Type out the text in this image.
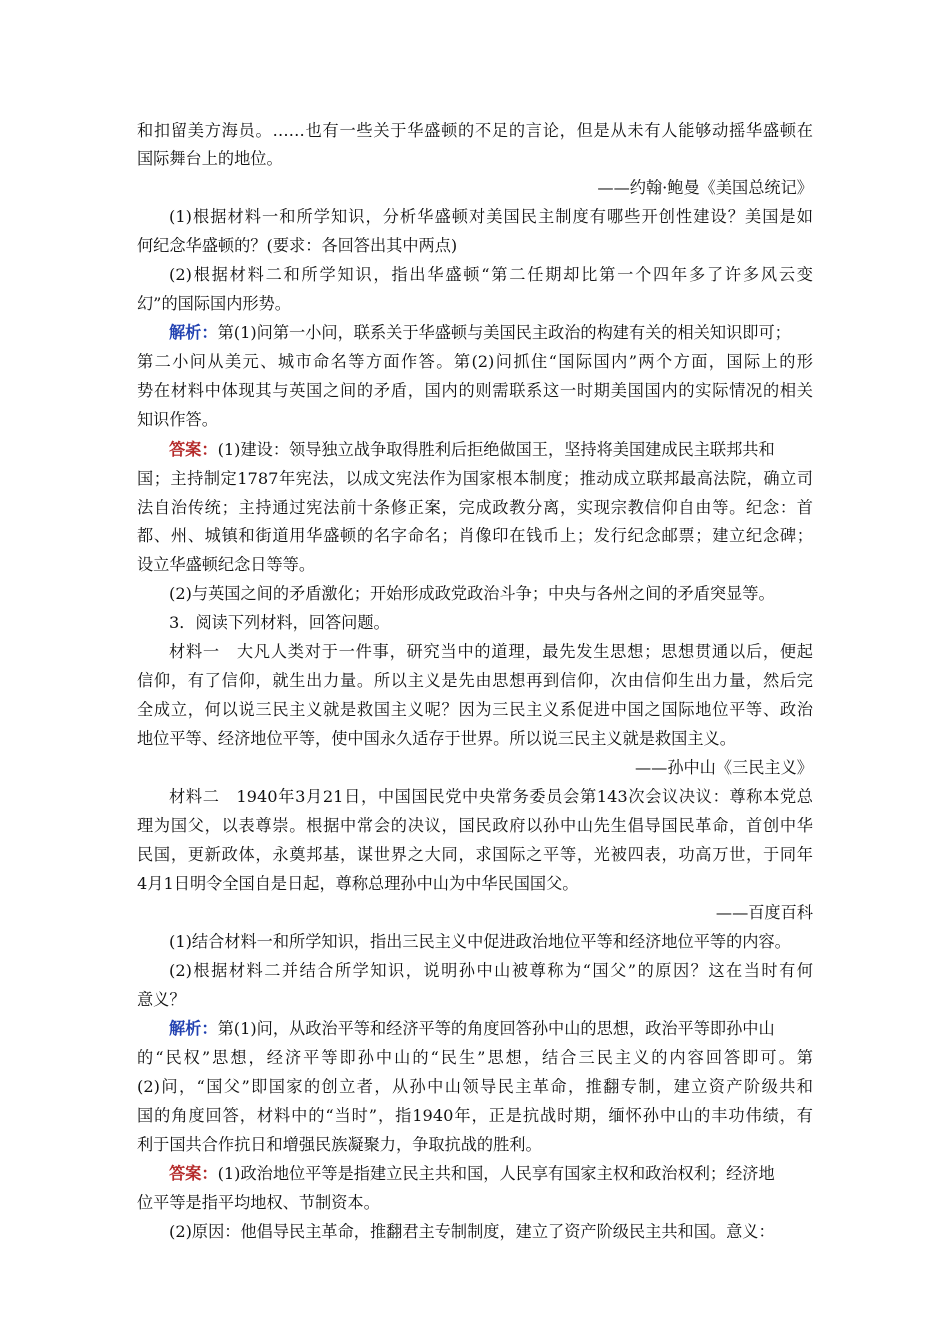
和扣留美方海员。……也有一些关于华盛顿的不足的言论，但是从未有人能够动摇华盛顿在
国际舞台上的地位。
——约翰·鲍曼《美国总统记》
(1)根据材料一和所学知识，分析华盛顿对美国民主制度有哪些开创性建设？美国是如
何纪念华盛顿的？(要求：各回答出其中两点)
(2)根据材料二和所学知识，指出华盛顿“第二任期却比第一个四年多了许多风云变
幻”的国际国内形势。
解析：第(1)问第一小问，联系关于华盛顿与美国民主政治的构建有关的相关知识即可；
第二小问从美元、城市命名等方面作答。第(2)问抓住“国际国内”两个方面，国际上的形
势在材料中体现其与英国之间的矛盾，国内的则需联系这一时期美国国内的实际情况的相关
知识作答。
答案：(1)建设：领导独立战争取得胜利后拒绝做国王，坚持将美国建成民主联邦共和
国；主持制定1787年宪法，以成文宪法作为国家根本制度；推动成立联邦最高法院，确立司
法自治传统；主持通过宪法前十条修正案，完成政教分离，实现宗教信仰自由等。纪念：首
都、州、城镇和街道用华盛顿的名字命名；肖像印在钱币上；发行纪念邮票；建立纪念碑；
设立华盛顿纪念日等等。
(2)与英国之间的矛盾激化；开始形成政党政治斗争；中央与各州之间的矛盾突显等。
3．阅读下列材料，回答问题。
材料一　大凡人类对于一件事，研究当中的道理，最先发生思想；思想贯通以后，便起
信仰，有了信仰，就生出力量。所以主义是先由思想再到信仰，次由信仰生出力量，然后完
全成立，何以说三民主义就是救国主义呢？因为三民主义系促进中国之国际地位平等、政治
地位平等、经济地位平等，使中国永久适存于世界。所以说三民主义就是救国主义。
——孙中山《三民主义》
材料二　1940年3月21日，中国国民党中央常务委员会第143次会议决议：尊称本党总
理为国父，以表尊崇。根据中常会的决议，国民政府以孙中山先生倡导国民革命，首创中华
民国，更新政体，永奠邦基，谋世界之大同，求国际之平等，光被四表，功高万世，于同年
4月1日明令全国自是日起，尊称总理孙中山为中华民国国父。
——百度百科
(1)结合材料一和所学知识，指出三民主义中促进政治地位平等和经济地位平等的内容。
(2)根据材料二并结合所学知识，说明孙中山被尊称为“国父”的原因？这在当时有何
意义？
解析：第(1)问，从政治平等和经济平等的角度回答孙中山的思想，政治平等即孙中山
的“民权”思想，经济平等即孙中山的“民生”思想，结合三民主义的内容回答即可。第
(2)问，“国父”即国家的创立者，从孙中山领导民主革命，推翻专制，建立资产阶级共和
国的角度回答，材料中的“当时”，指1940年，正是抗战时期，缅怀孙中山的丰功伟绩，有
利于国共合作抗日和增强民族凝聚力，争取抗战的胜利。
答案：(1)政治地位平等是指建立民主共和国，人民享有国家主权和政治权利；经济地
位平等是指平均地权、节制资本。
(2)原因：他倡导民主革命，推翻君主专制制度，建立了资产阶级民主共和国。意义：
